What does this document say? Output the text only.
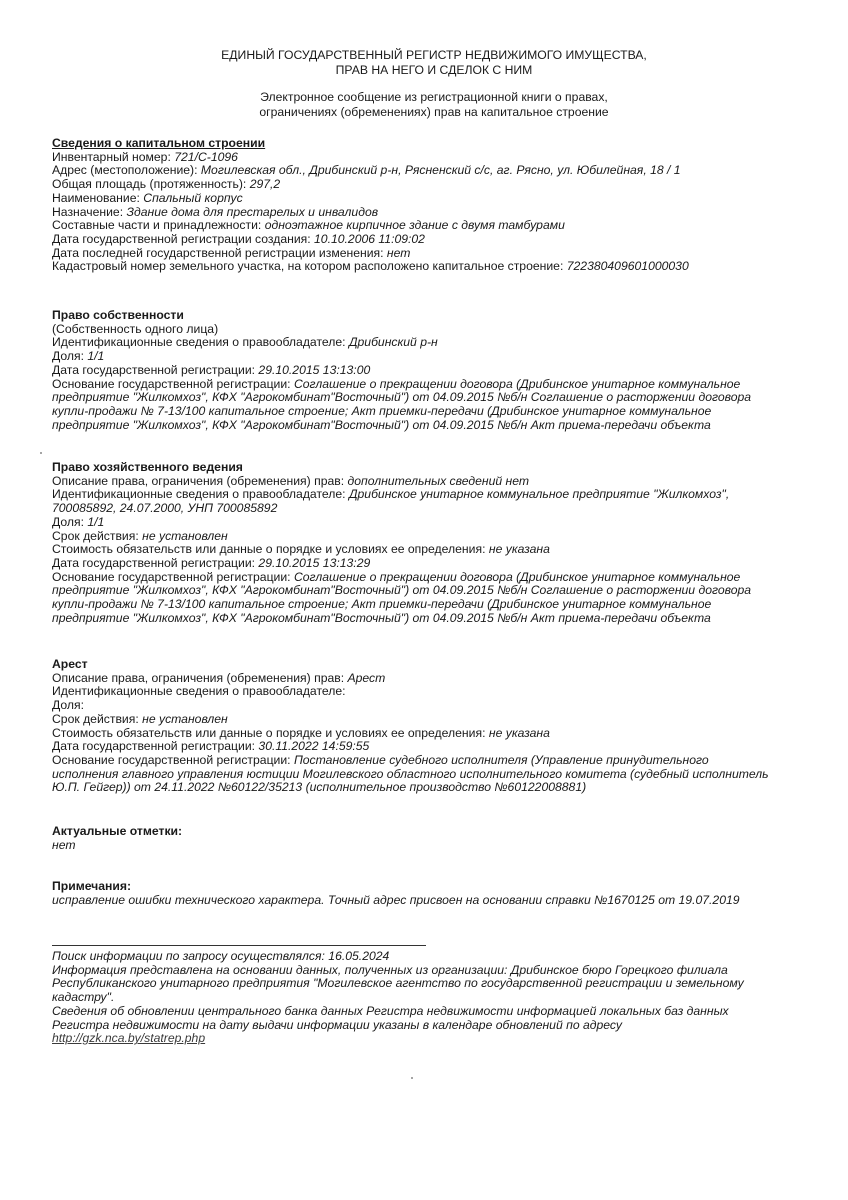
ЕДИНЫЙ ГОСУДАРСТВЕННЫЙ РЕГИСТР НЕДВИЖИМОГО ИМУЩЕСТВА,
ПРАВ НА НЕГО И СДЕЛОК С НИМ
Электронное сообщение из регистрационной книги о правах,
ограничениях (обременениях) прав на капитальное строение
Сведения о капитальном строении
Инвентарный номер: 721/С-1096
Адрес (местоположение): Могилевская обл., Дрибинский р-н, Рясненский с/с, аг. Рясно, ул. Юбилейная, 18 / 1
Общая площадь (протяженность): 297,2
Наименование: Спальный корпус
Назначение: Здание дома для престарелых и инвалидов
Составные части и принадлежности: одноэтажное кирпичное здание с двумя тамбурами
Дата государственной регистрации создания: 10.10.2006 11:09:02
Дата последней государственной регистрации изменения: нет
Кадастровый номер земельного участка, на котором расположено капитальное строение: 722380409601000030
Право собственности
(Собственность одного лица)
Идентификационные сведения о правообладателе: Дрибинский р-н
Доля: 1/1
Дата государственной регистрации: 29.10.2015 13:13:00
Основание государственной регистрации: Соглашение о прекращении договора (Дрибинское унитарное коммунальное
предприятие "Жилкомхоз", КФХ "Агрокомбинат"Восточный") от 04.09.2015 №б/н Соглашение о расторжении договора
купли-продажи № 7-13/100 капитальное строение; Акт приемки-передачи (Дрибинское унитарное коммунальное
предприятие "Жилкомхоз", КФХ "Агрокомбинат"Восточный") от 04.09.2015 №б/н Акт приема-передачи объекта
Право хозяйственного ведения
Описание права, ограничения (обременения) прав: дополнительных сведений нет
Идентификационные сведения о правообладателе: Дрибинское унитарное коммунальное предприятие "Жилкомхоз",
700085892, 24.07.2000, УНП 700085892
Доля: 1/1
Срок действия: не установлен
Стоимость обязательств или данные о порядке и условиях ее определения: не указана
Дата государственной регистрации: 29.10.2015 13:13:29
Основание государственной регистрации: Соглашение о прекращении договора (Дрибинское унитарное коммунальное
предприятие "Жилкомхоз", КФХ "Агрокомбинат"Восточный") от 04.09.2015 №б/н Соглашение о расторжении договора
купли-продажи № 7-13/100 капитальное строение; Акт приемки-передачи (Дрибинское унитарное коммунальное
предприятие "Жилкомхоз", КФХ "Агрокомбинат"Восточный") от 04.09.2015 №б/н Акт приема-передачи объекта
Арест
Описание права, ограничения (обременения) прав: Арест
Идентификационные сведения о правообладателе:
Доля:
Срок действия: не установлен
Стоимость обязательств или данные о порядке и условиях ее определения: не указана
Дата государственной регистрации: 30.11.2022 14:59:55
Основание государственной регистрации: Постановление судебного исполнителя (Управление принудительного
исполнения главного управления юстиции Могилевского областного исполнительного комитета (судебный исполнитель
Ю.П. Гейгер)) от 24.11.2022 №60122/35213 (исполнительное производство №60122008881)
Актуальные отметки:
нет
Примечания:
исправление ошибки технического характера. Точный адрес присвоен на основании справки №1670125 от 19.07.2019
Поиск информации по запросу осуществлялся: 16.05.2024
Информация представлена на основании данных, полученных из организации: Дрибинское бюро Горецкого филиала
Республиканского унитарного предприятия "Могилевское агентство по государственной регистрации и земельному
кадастру".
Сведения об обновлении центрального банка данных Регистра недвижимости информацией локальных баз данных
Регистра недвижимости на дату выдачи информации указаны в календаре обновлений по адресу
http://gzk.nca.by/statrep.php
